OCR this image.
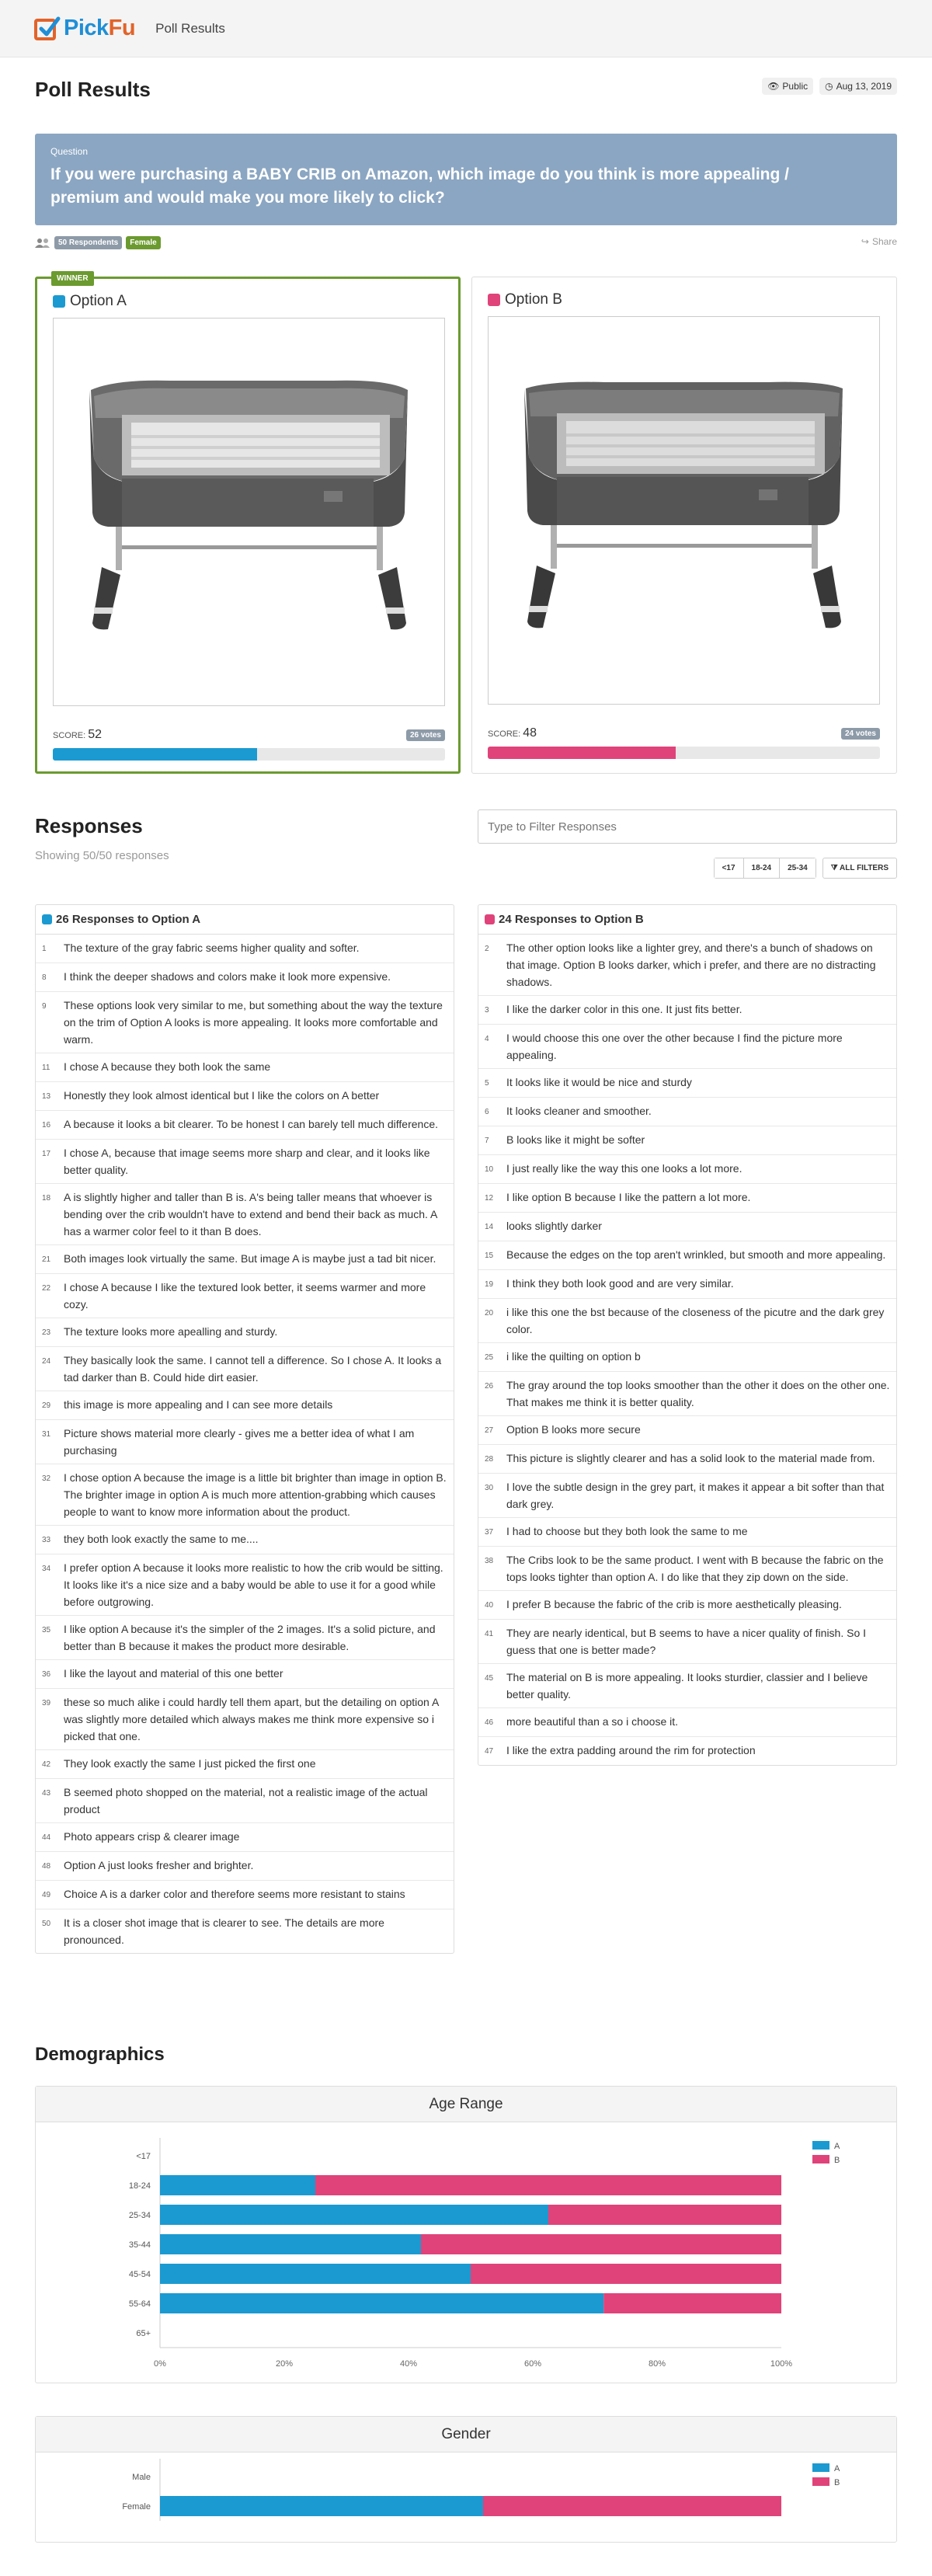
PickFu Poll Results
Poll Results	👁 Public ◷ Aug 13, 2019
Question
If you were purchasing a BABY CRIB on Amazon, which image do you think is more appealing / premium and would make you more likely to click?
50 Respondents	Female	↪ Share
WINNER
Option A
SCORE: 52	26 votes
Option B
SCORE: 48	24 votes
Responses
Showing 50/50 responses
Type to Filter Responses
<17	18-24	25-34	⧩ ALL FILTERS
26 Responses to Option A
1	The texture of the gray fabric seems higher quality and softer.
8	I think the deeper shadows and colors make it look more expensive.
9	These options look very similar to me, but something about the way the texture on the trim of Option A looks is more appealing. It looks more comfortable and warm.
11	I chose A because they both look the same
13	Honestly they look almost identical but I like the colors on A better
16	A because it looks a bit clearer. To be honest I can barely tell much difference.
17	I chose A, because that image seems more sharp and clear, and it looks like better quality.
18	A is slightly higher and taller than B is. A's being taller means that whoever is bending over the crib wouldn't have to extend and bend their back as much. A has a warmer color feel to it than B does.
21	Both images look virtually the same. But image A is maybe just a tad bit nicer.
22	I chose A because I like the textured look better, it seems warmer and more cozy.
23	The texture looks more apealling and sturdy.
24	They basically look the same. I cannot tell a difference. So I chose A. It looks a tad darker than B. Could hide dirt easier.
29	this image is more appealing and I can see more details
31	Picture shows material more clearly - gives me a better idea of what I am purchasing
32	I chose option A because the image is a little bit brighter than image in option B. The brighter image in option A is much more attention-grabbing which causes people to want to know more information about the product.
33	they both look exactly the same to me....
34	I prefer option A because it looks more realistic to how the crib would be sitting. It looks like it's a nice size and a baby would be able to use it for a good while before outgrowing.
35	I like option A because it's the simpler of the 2 images. It's a solid picture, and better than B because it makes the product more desirable.
36	I like the layout and material of this one better
39	these so much alike i could hardly tell them apart, but the detailing on option A was slightly more detailed which always makes me think more expensive so i picked that one.
42	They look exactly the same I just picked the first one
43	B seemed photo shopped on the material, not a realistic image of the actual product
44	Photo appears crisp & clearer image
48	Option A just looks fresher and brighter.
49	Choice A is a darker color and therefore seems more resistant to stains
50	It is a closer shot image that is clearer to see. The details are more pronounced.
24 Responses to Option B
2	The other option looks like a lighter grey, and there's a bunch of shadows on that image. Option B looks darker, which i prefer, and there are no distracting shadows.
3	I like the darker color in this one. It just fits better.
4	I would choose this one over the other because I find the picture more appealing.
5	It looks like it would be nice and sturdy
6	It looks cleaner and smoother.
7	B looks like it might be softer
10	I just really like the way this one looks a lot more.
12	I like option B because I like the pattern a lot more.
14	looks slightly darker
15	Because the edges on the top aren't wrinkled, but smooth and more appealing.
19	I think they both look good and are very similar.
20	i like this one the bst because of the closeness of the picutre and the dark grey color.
25	i like the quilting on option b
26	The gray around the top looks smoother than the other it does on the other one. That makes me think it is better quality.
27	Option B looks more secure
28	This picture is slightly clearer and has a solid look to the material made from.
30	I love the subtle design in the grey part, it makes it appear a bit softer than that dark grey.
37	I had to choose but they both look the same to me
38	The Cribs look to be the same product. I went with B because the fabric on the tops looks tighter than option A. I do like that they zip down on the side.
40	I prefer B because the fabric of the crib is more aesthetically pleasing.
41	They are nearly identical, but B seems to have a nicer quality of finish. So I guess that one is better made?
45	The material on B is more appealing. It looks sturdier, classier and I believe better quality.
46	more beautiful than a so i choose it.
47	I like the extra padding around the rim for protection
Demographics
Age Range
0%	20%	40%	60%	80%	100%
<17
18-24
25-34
35-44
45-54
55-64
65+
A
B
Gender
Male
Female
A
B
